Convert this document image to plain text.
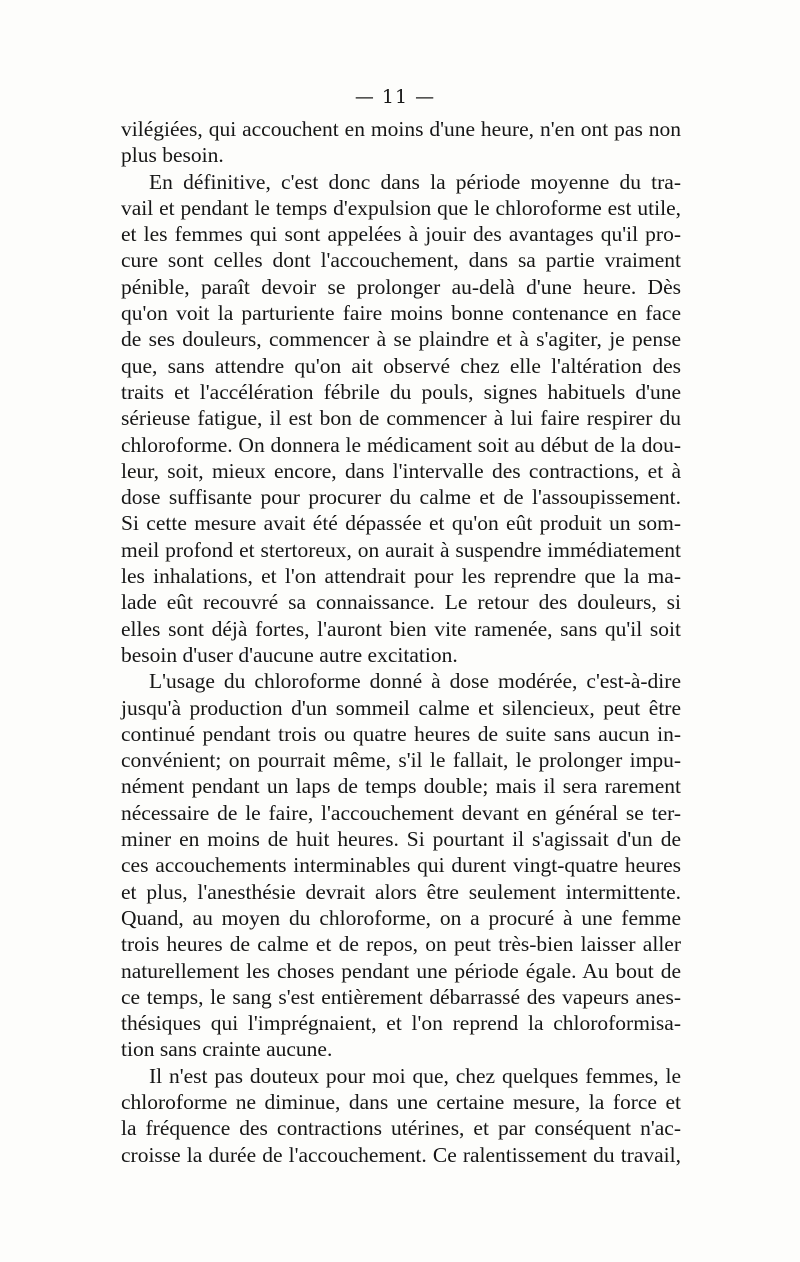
— 11 —
vilégiées, qui accouchent en moins d'une heure, n'en ont pas non
plus besoin.
En définitive, c'est donc dans la période moyenne du tra-
vail et pendant le temps d'expulsion que le chloroforme est utile,
et les femmes qui sont appelées à jouir des avantages qu'il pro-
cure sont celles dont l'accouchement, dans sa partie vraiment
pénible, paraît devoir se prolonger au-delà d'une heure. Dès
qu'on voit la parturiente faire moins bonne contenance en face
de ses douleurs, commencer à se plaindre et à s'agiter, je pense
que, sans attendre qu'on ait observé chez elle l'altération des
traits et l'accélération fébrile du pouls, signes habituels d'une
sérieuse fatigue, il est bon de commencer à lui faire respirer du
chloroforme. On donnera le médicament soit au début de la dou-
leur, soit, mieux encore, dans l'intervalle des contractions, et à
dose suffisante pour procurer du calme et de l'assoupissement.
Si cette mesure avait été dépassée et qu'on eût produit un som-
meil profond et stertoreux, on aurait à suspendre immédiatement
les inhalations, et l'on attendrait pour les reprendre que la ma-
lade eût recouvré sa connaissance. Le retour des douleurs, si
elles sont déjà fortes, l'auront bien vite ramenée, sans qu'il soit
besoin d'user d'aucune autre excitation.
L'usage du chloroforme donné à dose modérée, c'est-à-dire
jusqu'à production d'un sommeil calme et silencieux, peut être
continué pendant trois ou quatre heures de suite sans aucun in-
convénient; on pourrait même, s'il le fallait, le prolonger impu-
nément pendant un laps de temps double; mais il sera rarement
nécessaire de le faire, l'accouchement devant en général se ter-
miner en moins de huit heures. Si pourtant il s'agissait d'un de
ces accouchements interminables qui durent vingt-quatre heures
et plus, l'anesthésie devrait alors être seulement intermittente.
Quand, au moyen du chloroforme, on a procuré à une femme
trois heures de calme et de repos, on peut très-bien laisser aller
naturellement les choses pendant une période égale. Au bout de
ce temps, le sang s'est entièrement débarrassé des vapeurs anes-
thésiques qui l'imprégnaient, et l'on reprend la chloroformisa-
tion sans crainte aucune.
Il n'est pas douteux pour moi que, chez quelques femmes, le
chloroforme ne diminue, dans une certaine mesure, la force et
la fréquence des contractions utérines, et par conséquent n'ac-
croisse la durée de l'accouchement. Ce ralentissement du travail,
